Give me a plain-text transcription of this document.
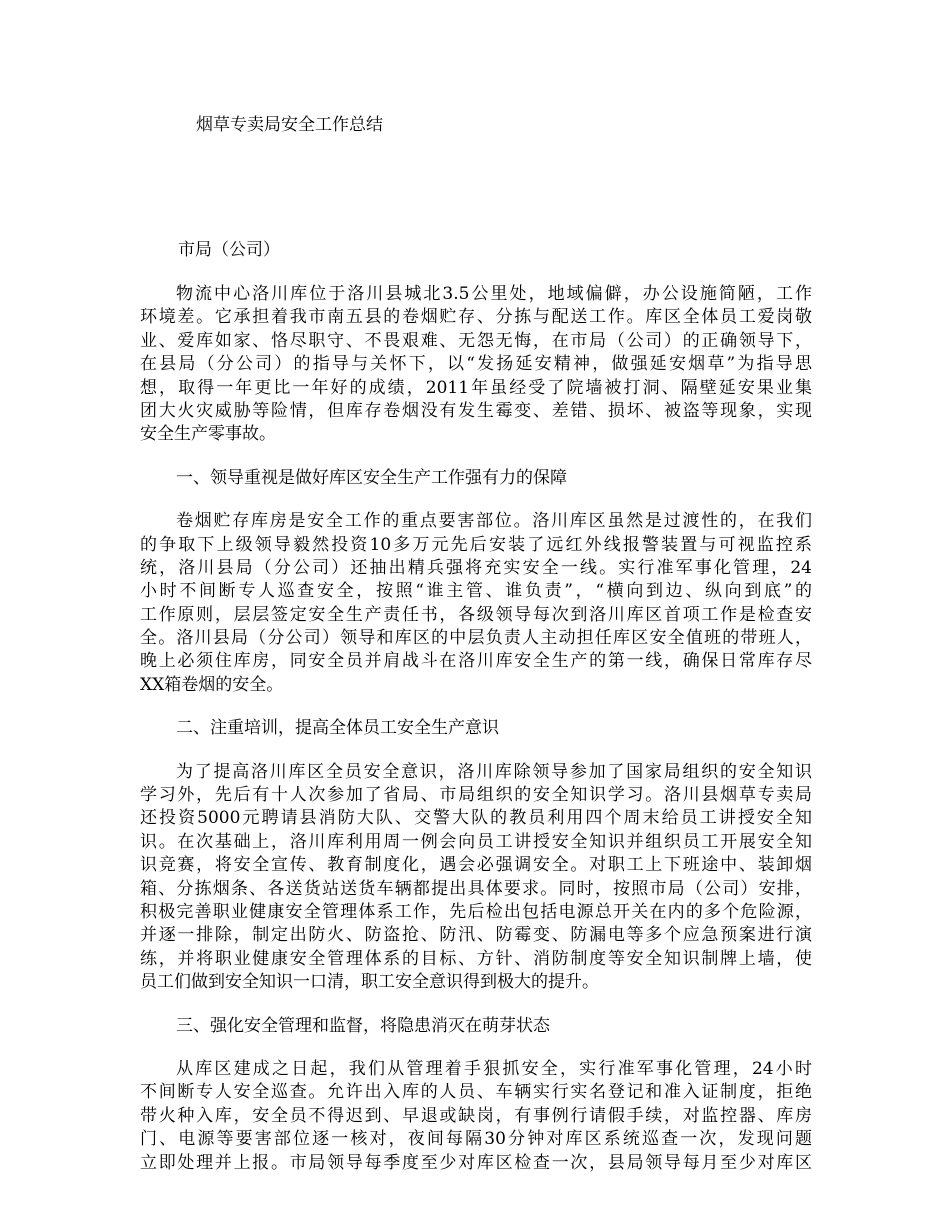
烟草专卖局安全工作总结

市局（公司）

物流中心洛川库位于洛川县城北3.5公里处，地域偏僻，办公设施简陋，工作
环境差。它承担着我市南五县的卷烟贮存、分拣与配送工作。库区全体员工爱岗敬
业、爱库如家、恪尽职守、不畏艰难、无怨无悔，在市局（公司）的正确领导下，
在县局（分公司）的指导与关怀下，以“发扬延安精神，做强延安烟草”为指导思
想，取得一年更比一年好的成绩，2011年虽经受了院墙被打洞、隔壁延安果业集
团大火灾威胁等险情，但库存卷烟没有发生霉变、差错、损坏、被盗等现象，实现
安全生产零事故。
一、领导重视是做好库区安全生产工作强有力的保障
卷烟贮存库房是安全工作的重点要害部位。洛川库区虽然是过渡性的，在我们
的争取下上级领导毅然投资10多万元先后安装了远红外线报警装置与可视监控系
统，洛川县局（分公司）还抽出精兵强将充实安全一线。实行准军事化管理，24
小时不间断专人巡查安全，按照“谁主管、谁负责”，“横向到边、纵向到底”的
工作原则，层层签定安全生产责任书，各级领导每次到洛川库区首项工作是检查安
全。洛川县局（分公司）领导和库区的中层负责人主动担任库区安全值班的带班人，
晚上必须住库房，同安全员并肩战斗在洛川库安全生产的第一线，确保日常库存尽
XX箱卷烟的安全。
二、注重培训，提高全体员工安全生产意识
为了提高洛川库区全员安全意识，洛川库除领导参加了国家局组织的安全知识
学习外，先后有十人次参加了省局、市局组织的安全知识学习。洛川县烟草专卖局
还投资5000元聘请县消防大队、交警大队的教员利用四个周末给员工讲授安全知
识。在次基础上，洛川库利用周一例会向员工讲授安全知识并组织员工开展安全知
识竞赛，将安全宣传、教育制度化，遇会必强调安全。对职工上下班途中、装卸烟
箱、分拣烟条、各送货站送货车辆都提出具体要求。同时，按照市局（公司）安排，
积极完善职业健康安全管理体系工作，先后检出包括电源总开关在内的多个危险源，
并逐一排除，制定出防火、防盗抢、防汛、防霉变、防漏电等多个应急预案进行演
练，并将职业健康安全管理体系的目标、方针、消防制度等安全知识制牌上墙，使
员工们做到安全知识一口清，职工安全意识得到极大的提升。
三、强化安全管理和监督，将隐患消灭在萌芽状态
从库区建成之日起，我们从管理着手狠抓安全，实行准军事化管理，24小时
不间断专人安全巡查。允许出入库的人员、车辆实行实名登记和准入证制度，拒绝
带火种入库，安全员不得迟到、早退或缺岗，有事例行请假手续，对监控器、库房
门、电源等要害部位逐一核对，夜间每隔30分钟对库区系统巡查一次，发现问题
立即处理并上报。市局领导每季度至少对库区检查一次，县局领导每月至少对库区
